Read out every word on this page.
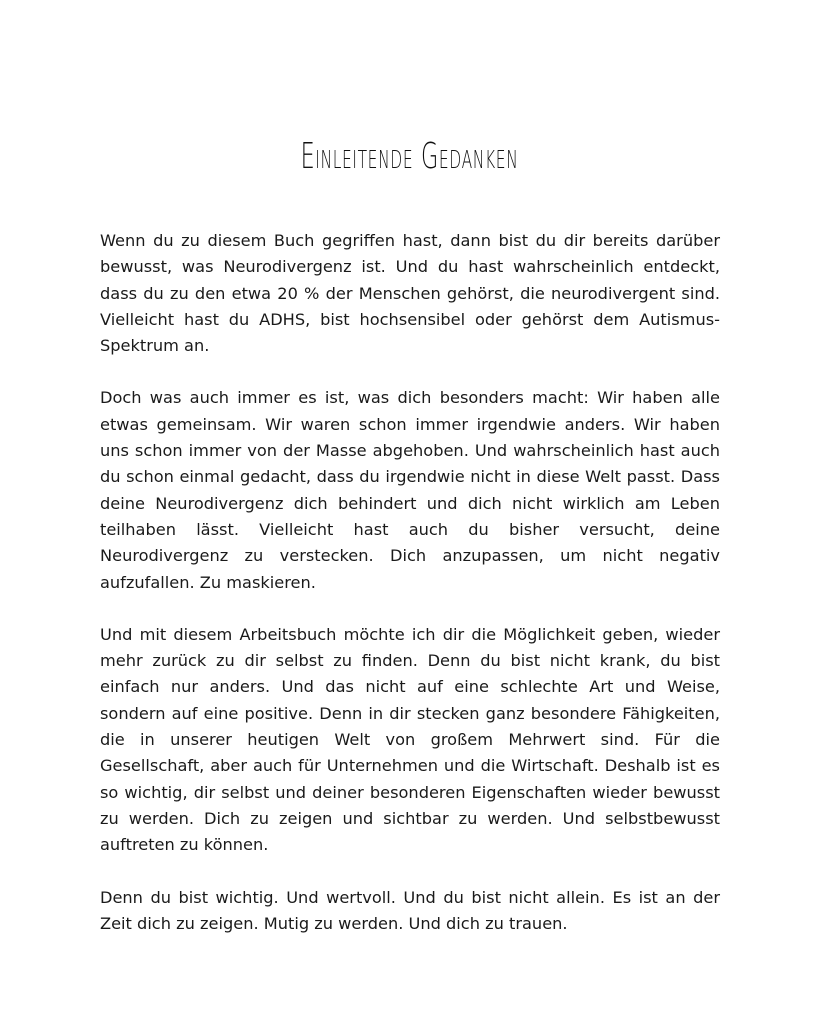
Einleitende Gedanken

Wenn du zu diesem Buch gegriffen hast, dann bist du dir bereits darüber bewusst, was Neurodivergenz ist. Und du hast wahrscheinlich entdeckt, dass du zu den etwa 20 % der Menschen gehörst, die neurodivergent sind. Vielleicht hast du ADHS, bist hochsensibel oder gehörst dem Autismus-Spektrum an.

Doch was auch immer es ist, was dich besonders macht: Wir haben alle etwas gemeinsam. Wir waren schon immer irgendwie anders. Wir haben uns schon immer von der Masse abgehoben. Und wahrscheinlich hast auch du schon einmal gedacht, dass du irgendwie nicht in diese Welt passt. Dass deine Neurodivergenz dich behindert und dich nicht wirklich am Leben teilhaben lässt. Vielleicht hast auch du bisher versucht, deine Neurodivergenz zu verstecken. Dich anzupassen, um nicht negativ aufzufallen. Zu maskieren.

Und mit diesem Arbeitsbuch möchte ich dir die Möglichkeit geben, wieder mehr zurück zu dir selbst zu finden. Denn du bist nicht krank, du bist einfach nur anders. Und das nicht auf eine schlechte Art und Weise, sondern auf eine positive. Denn in dir stecken ganz besondere Fähigkeiten, die in unserer heutigen Welt von großem Mehrwert sind. Für die Gesellschaft, aber auch für Unternehmen und die Wirtschaft. Deshalb ist es so wichtig, dir selbst und deiner besonderen Eigenschaften wieder bewusst zu werden. Dich zu zeigen und sichtbar zu werden. Und selbstbewusst auftreten zu können.

Denn du bist wichtig. Und wertvoll. Und du bist nicht allein. Es ist an der Zeit dich zu zeigen. Mutig zu werden. Und dich zu trauen.
